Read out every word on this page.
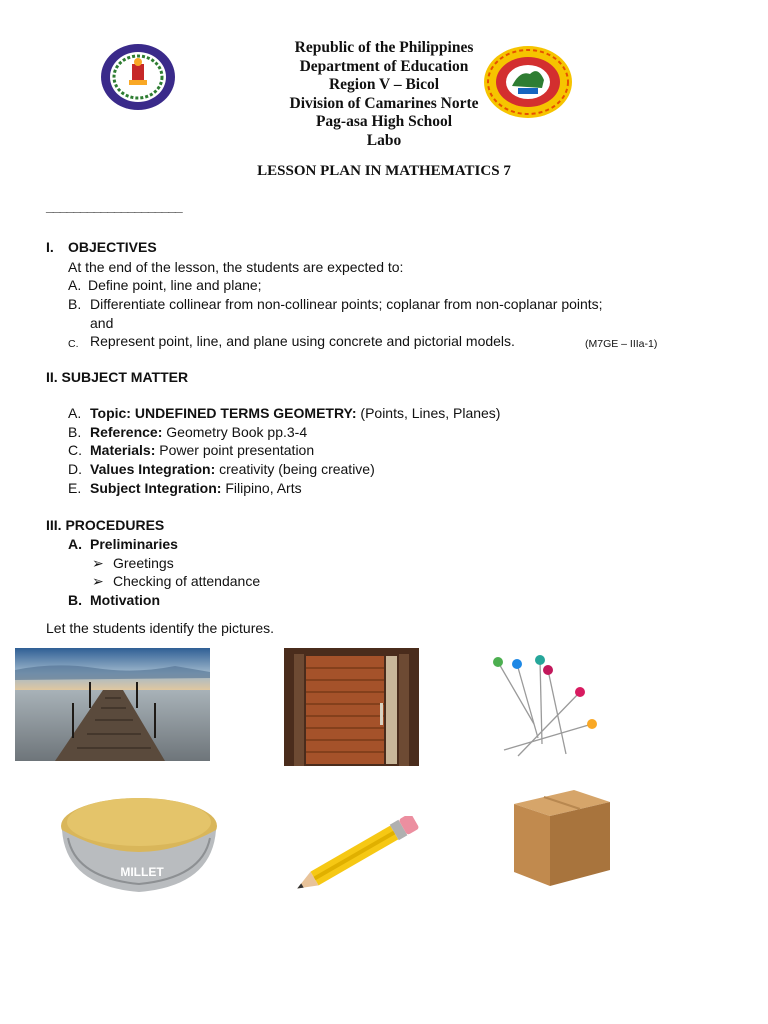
Republic of the Philippines
Department of Education
Region V – Bicol
Division of Camarines Norte
Pag-asa High School
Labo
LESSON PLAN IN MATHEMATICS 7
____________________
I. OBJECTIVES
At the end of the lesson, the students are expected to:
A. Define point, line and plane;
B. Differentiate collinear from non-collinear points; coplanar from non-coplanar points;
and
C. Represent point, line, and plane using concrete and pictorial models.	(M7GE – IIIa-1)
II. SUBJECT MATTER
A. Topic: UNDEFINED TERMS GEOMETRY: (Points, Lines, Planes)
B. Reference: Geometry Book pp.3-4
C. Materials: Power point presentation
D. Values Integration: creativity (being creative)
E. Subject Integration: Filipino, Arts
III. PROCEDURES
A. Preliminaries
➢ Greetings
➢ Checking of attendance
B. Motivation
Let the students identify the pictures.
MILLET
